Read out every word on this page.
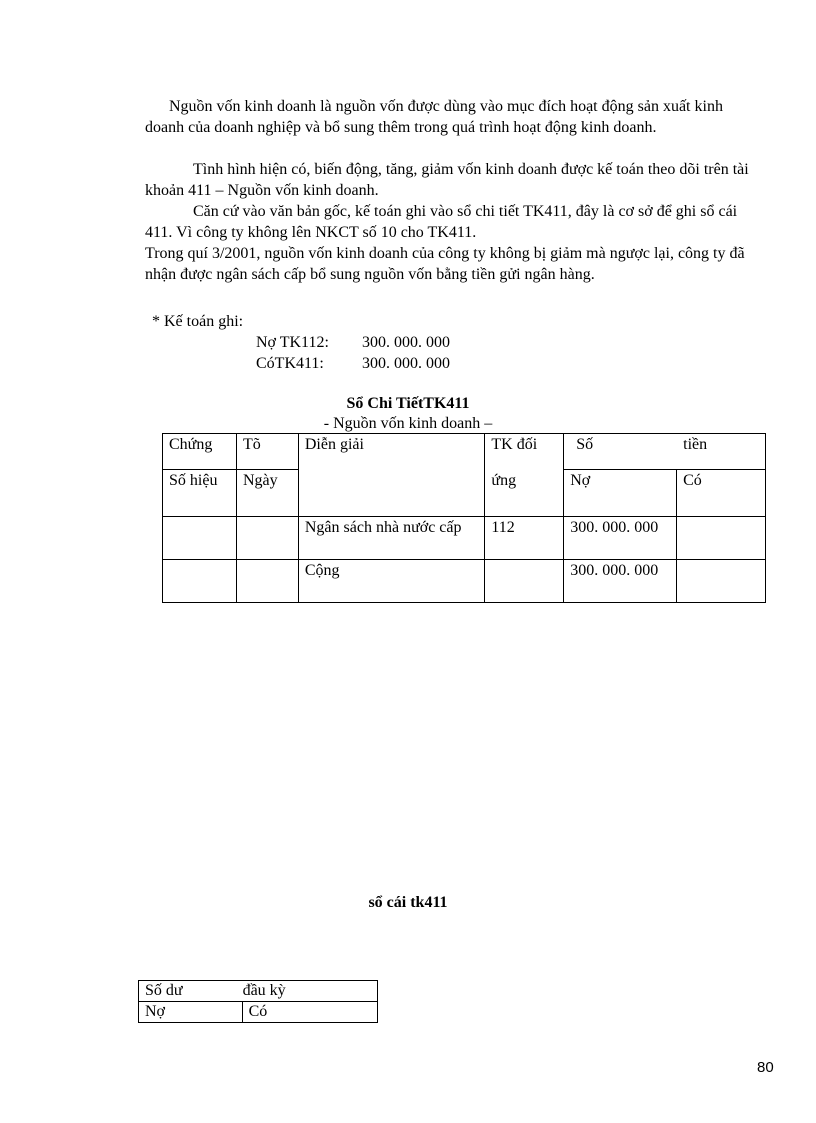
Nguồn vốn kinh doanh là nguồn vốn được dùng vào mục đích hoạt động sản xuất kinh doanh của doanh nghiệp và bổ sung thêm trong quá trình hoạt động kinh doanh.

Tình hình hiện có, biến động, tăng, giảm vốn kinh doanh được kế toán theo dõi trên tài khoản 411 – Nguồn vốn kinh doanh.

Căn cứ vào văn bản gốc, kế toán ghi vào sổ chi tiết TK411, đây là cơ sở để ghi sổ cái 411. Vì công ty không lên NKCT số 10 cho TK411.

Trong quí 3/2001, nguồn vốn kinh doanh của công ty không bị giảm mà ngược lại, công ty đã nhận được ngân sách cấp bổ sung nguồn vốn bằng tiền gửi ngân hàng.

* Kế toán ghi:
Nợ TK112: 300. 000. 000
CóTK411: 300. 000. 000
Sổ Chi TiếtTK411
- Nguồn vốn kinh doanh –
Chứng	Tõ	Diễn giải	TK đối	Số tiền	
Số hiệu	Ngày		ứng	Nợ	Có
		Ngân sách nhà nước cấp	112	300. 000. 000	
		Cộng		300. 000. 000	
sổ cái tk411
Số dư	đầu kỳ
Nợ	Có
80
